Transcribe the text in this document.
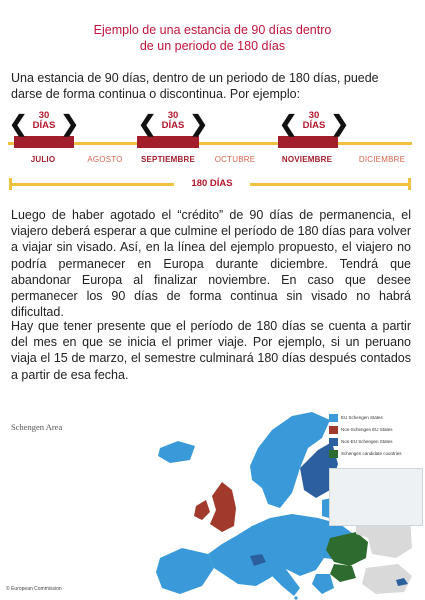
Ejemplo de una estancia de 90 días dentro
de un periodo de 180 días
Una estancia de 90 días, dentro de un periodo de 180 días, puede darse de forma continua o discontinua. Por ejemplo:
❮	30
DÍAS ❯	❮	30
DÍAS ❯	❮	30
DÍAS ❯
JULIO	AGOSTO	SEPTIEMBRE	OCTUBRE	NOVIEMBRE	DICIEMBRE
180 DÍAS
Luego de haber agotado el “crédito” de 90 días de permanencia, el viajero deberá esperar a que culmine el período de 180 días para volver a viajar sin visado. Así, en la línea del ejemplo propuesto, el viajero no podría permanecer en Europa durante diciembre. Tendrá que abandonar Europa al finalizar noviembre. En caso que desee permanecer los 90 días de forma continua sin visado no habrá dificultad.
Hay que tener presente que el período de 180 días se cuenta a partir del mes en que se inicia el primer viaje. Por ejemplo, si un peruano viaja el 15 de marzo, el semestre culminará 180 días después contados a partir de esa fecha.
Schengen Area
EU Schengen States
Non-Schengen EU States
Non-EU Schengen States
Schengen candidate countries
© European Commission
